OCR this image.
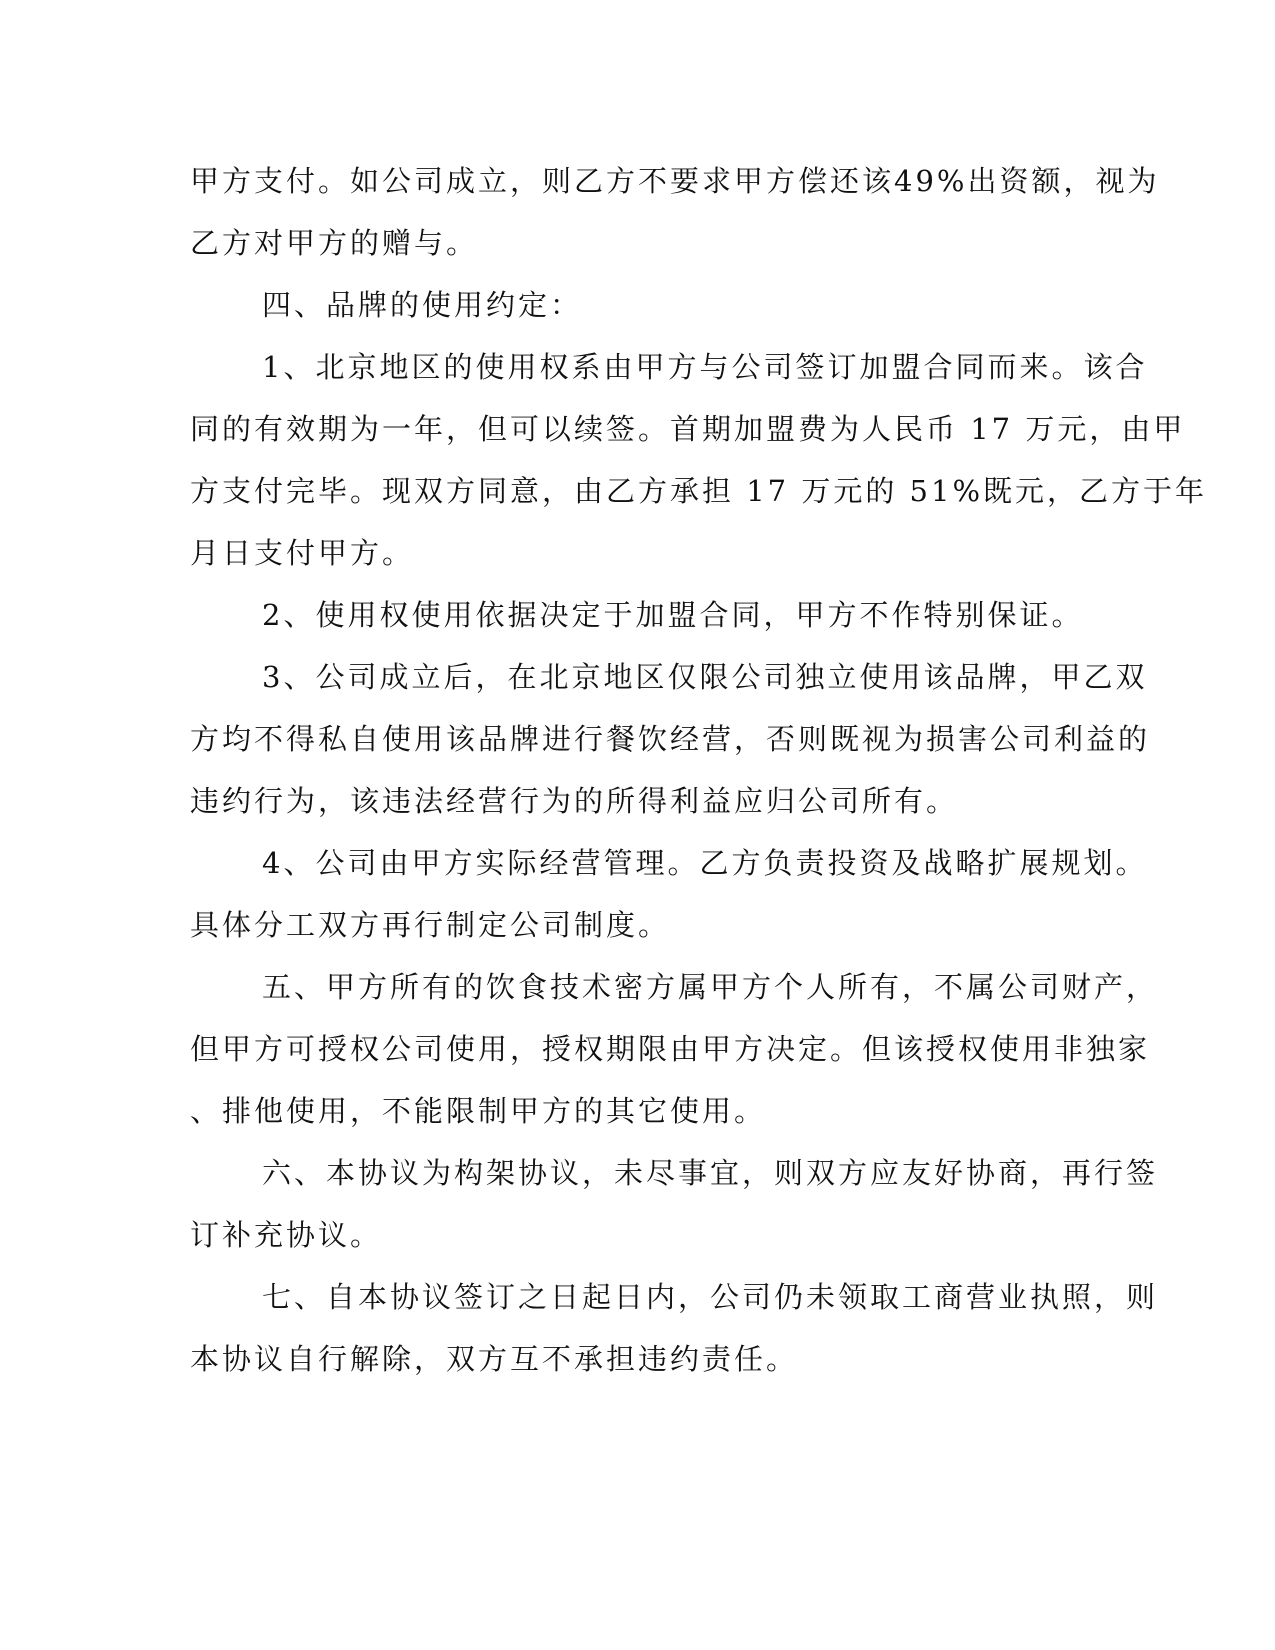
甲方支付。如公司成立，则乙方不要求甲方偿还该49%出资额，视为
乙方对甲方的赠与。
四、品牌的使用约定：
1、北京地区的使用权系由甲方与公司签订加盟合同而来。该合
同的有效期为一年，但可以续签。首期加盟费为人民币 17 万元，由甲
方支付完毕。现双方同意，由乙方承担 17 万元的 51%既元，乙方于年
月日支付甲方。
2、使用权使用依据决定于加盟合同，甲方不作特别保证。
3、公司成立后，在北京地区仅限公司独立使用该品牌，甲乙双
方均不得私自使用该品牌进行餐饮经营，否则既视为损害公司利益的
违约行为，该违法经营行为的所得利益应归公司所有。
4、公司由甲方实际经营管理。乙方负责投资及战略扩展规划。
具体分工双方再行制定公司制度。
五、甲方所有的饮食技术密方属甲方个人所有，不属公司财产，
但甲方可授权公司使用，授权期限由甲方决定。但该授权使用非独家
、排他使用，不能限制甲方的其它使用。
六、本协议为构架协议，未尽事宜，则双方应友好协商，再行签
订补充协议。
七、自本协议签订之日起日内，公司仍未领取工商营业执照，则
本协议自行解除，双方互不承担违约责任。
